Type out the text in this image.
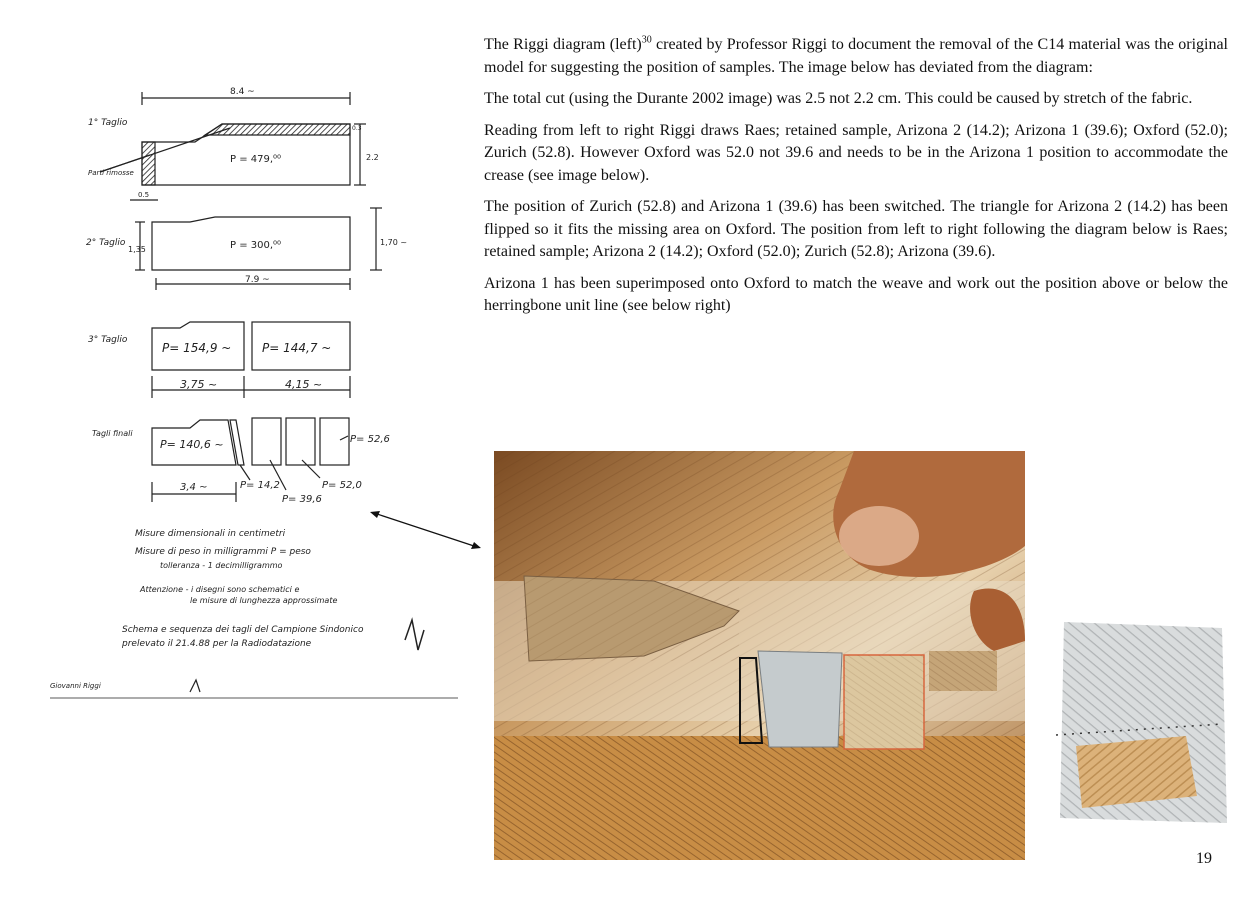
8.4 ~
0.3
2.2
1° Taglio
Parti rimosse
0.5
P = 479,⁰⁰
2° Taglio
1,35
1,70 ~
P = 300,⁰⁰
7.9 ~
3° Taglio
P= 154,9 ~	P= 144,7 ~
3,75 ~	4,15 ~
Tagli finali
P= 140,6 ~	P= 52,6
3,4 ~	P= 14,2	P= 52,0
P= 39,6
Misure dimensionali in centimetri
Misure di peso in milligrammi P = peso
tolleranza - 1 decimilligrammo
Attenzione - i disegni sono schematici e
le misure di lunghezza approssimate
Schema e sequenza dei tagli del Campione Sindonico
prelevato il 21.4.88 per la Radiodatazione
Giovanni Riggi

The Riggi diagram (left)$^{30}$ created by Professor Riggi to document the removal of the C14 material was the original model for suggesting the position of samples. The image below has deviated from the diagram:

The total cut (using the Durante 2002 image) was 2.5 not 2.2 cm. This could be caused by stretch of the fabric.

Reading from left to right Riggi draws Raes; retained sample, Arizona 2 (14.2); Arizona 1 (39.6); Oxford (52.0); Zurich (52.8). However Oxford was 52.0 not 39.6 and needs to be in the Arizona 1 position to accommodate the crease (see image below).

The position of Zurich (52.8) and Arizona 1 (39.6) has been switched. The triangle for Arizona 2 (14.2) has been flipped so it fits the missing area on Oxford. The position from left to right following the diagram below is Raes; retained sample; Arizona 2 (14.2); Oxford (52.0); Zurich (52.8); Arizona (39.6).

Arizona 1 has been superimposed onto Oxford to match the weave and work out the position above or below the herringbone unit line (see below right)

19
